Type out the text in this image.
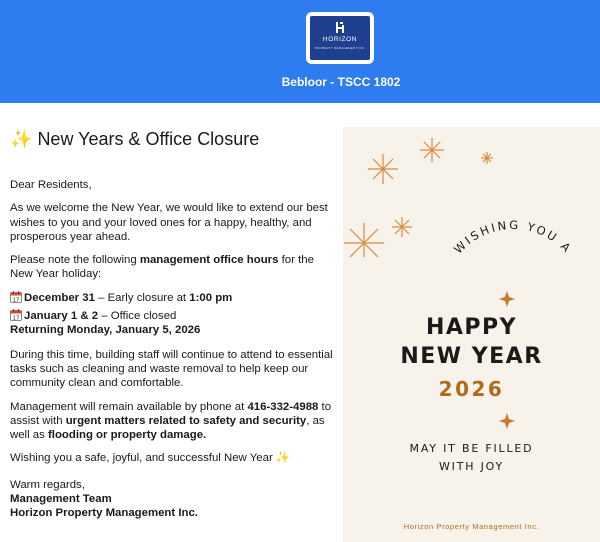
HORIZON
PROPERTY MANAGEMENT INC.
Bebloor - TSCC 1802
✨ New Years & Office Closure

Dear Residents,

As we welcome the New Year, we would like to extend our best wishes to you and your loved ones for a happy, healthy, and prosperous year ahead.

Please note the following management office hours for the New Year holiday:

17 December 31 – Early closure at 1:00 pm
17 January 1 & 2 – Office closed
Returning Monday, January 5, 2026

During this time, building staff will continue to attend to essential tasks such as cleaning and waste removal to help keep our community clean and comfortable.

Management will remain available by phone at 416-332-4988 to assist with urgent matters related to safety and security, as well as flooding or property damage.

Wishing you a safe, joyful, and successful New Year ✨

Warm regards,
Management Team
Horizon Property Management Inc.

WISHING YOU A
HAPPY
NEW YEAR
2026
MAY IT BE FILLED
WITH JOY
Horizon Property Management Inc.
